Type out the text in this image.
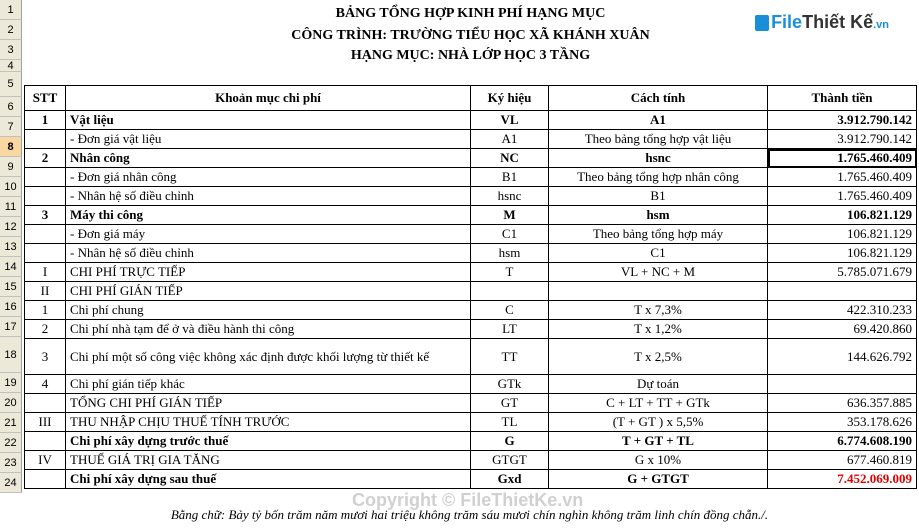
1
2
3
4
5
6
7
8
9
10
11
12
13
14
15
16
17
18
19
20
21
22
23
24
BẢNG TỔNG HỢP KINH PHÍ HẠNG MỤC
CÔNG TRÌNH: TRƯỜNG TIỂU HỌC XÃ KHÁNH XUÂN
HẠNG MỤC: NHÀ LỚP HỌC 3 TẦNG
FileThiết Kế.vn
STT	Khoản mục chi phí	Ký hiệu	Cách tính	Thành tiền
1	Vật liệu	VL	A1	3.912.790.142
	- Đơn giá vật liệu	A1	Theo bảng tổng hợp vật liệu	3.912.790.142
2	Nhân công	NC	hsnc	1.765.460.409
	- Đơn giá nhân công	B1	Theo bảng tổng hợp nhân công	1.765.460.409
	- Nhân hệ số điều chỉnh	hsnc	B1	1.765.460.409
3	Máy thi công	M	hsm	106.821.129
	- Đơn giá máy	C1	Theo bảng tổng hợp máy	106.821.129
	- Nhân hệ số điều chỉnh	hsm	C1	106.821.129
I	CHI PHÍ TRỰC TIẾP	T	VL + NC + M	5.785.071.679
II	CHI PHÍ GIÁN TIẾP			
1	Chi phí chung	C	T x 7,3%	422.310.233
2	Chi phí nhà tạm để ở và điều hành thi công	LT	T x 1,2%	69.420.860
3	Chi phí một số công việc không xác định được khối lượng từ thiết kế	TT	T x 2,5%	144.626.792
4	Chi phí gián tiếp khác	GTk	Dự toán	
	TỔNG CHI PHÍ GIÁN TIẾP	GT	C + LT + TT + GTk	636.357.885
III	THU NHẬP CHỊU THUẾ TÍNH TRƯỚC	TL	(T + GT ) x 5,5%	353.178.626
	Chi phí xây dựng trước thuế	G	T + GT + TL	6.774.608.190
IV	THUẾ GIÁ TRỊ GIA TĂNG	GTGT	G x 10%	677.460.819
	Chi phí xây dựng sau thuế	Gxd	G + GTGT	7.452.069.009
Copyright © FileThietKe.vn
Bằng chữ: Bảy tỷ bốn trăm năm mươi hai triệu không trăm sáu mươi chín nghìn không trăm linh chín đồng chẵn./.
